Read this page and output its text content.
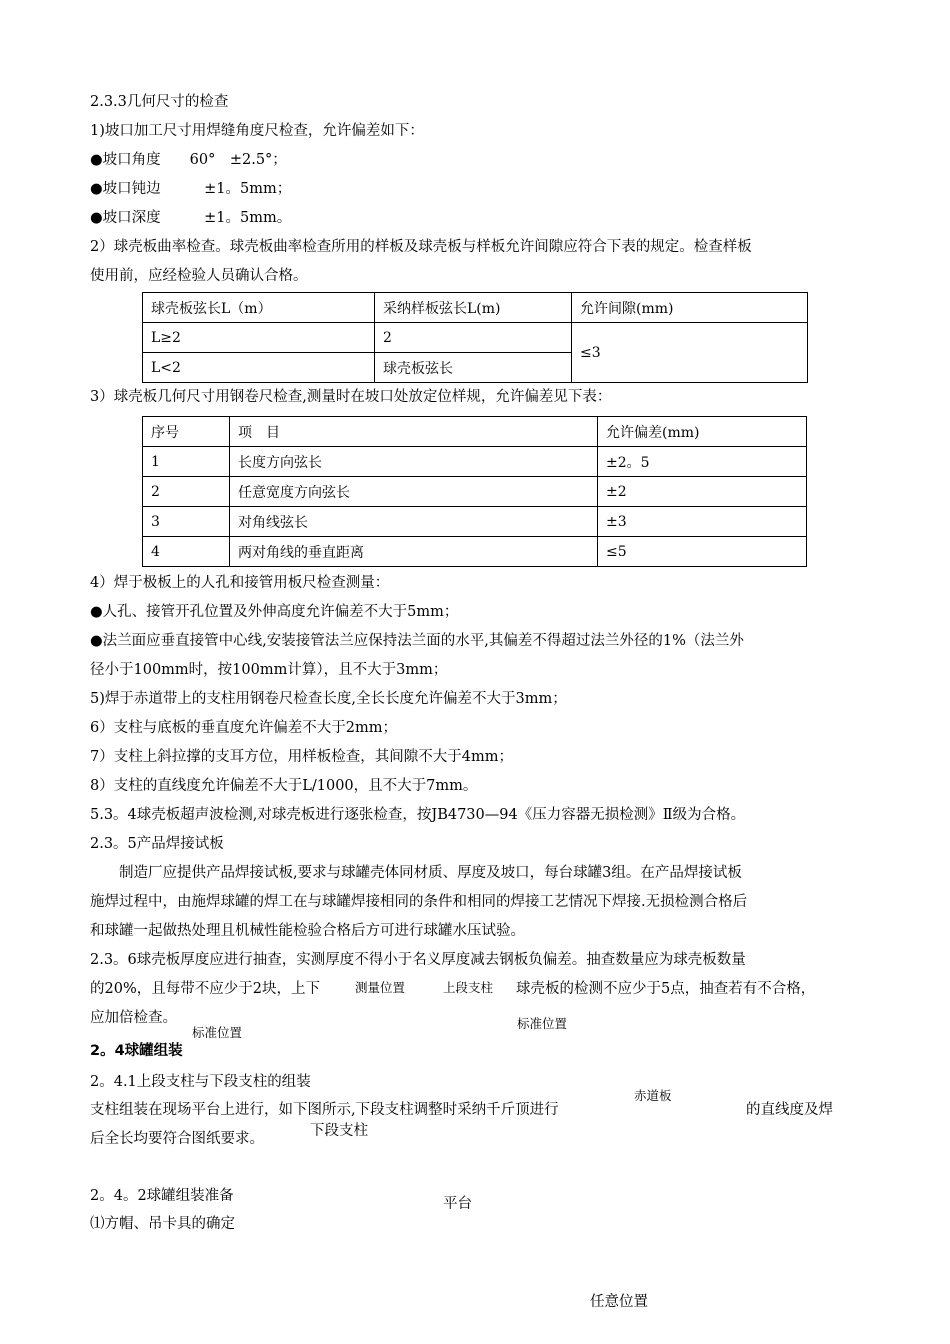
2.3.3几何尺寸的检查
1)坡口加工尺寸用焊缝角度尺检查，允许偏差如下：
●坡口角度　　60°　±2.5°；
●坡口钝边　　　±1。5mm；
●坡口深度　　　±1。5mm。
2）球壳板曲率检查。球壳板曲率检查所用的样板及球壳板与样板允许间隙应符合下表的规定。检查样板
使用前，应经检验人员确认合格。
球壳板弦长L（m）	采纳样板弦长L(m)	允许间隙(mm)
L≥2	2	≤3
L<2	球壳板弦长	
3）球壳板几何尺寸用钢卷尺检查,测量时在坡口处放定位样规，允许偏差见下表：
序号	项　目	允许偏差(mm)
1	长度方向弦长	±2。5
2	任意宽度方向弦长	±2
3	对角线弦长	±3
4	两对角线的垂直距离	≤5
4）焊于极板上的人孔和接管用板尺检查测量：
●人孔、接管开孔位置及外伸高度允许偏差不大于5mm；
●法兰面应垂直接管中心线,安装接管法兰应保持法兰面的水平,其偏差不得超过法兰外径的1%（法兰外
径小于100mm时，按100mm计算），且不大于3mm；
5)焊于赤道带上的支柱用钢卷尺检查长度,全长长度允许偏差不大于3mm；
6）支柱与底板的垂直度允许偏差不大于2mm；
7）支柱上斜拉撑的支耳方位，用样板检查，其间隙不大于4mm；
8）支柱的直线度允许偏差不大于L/1000，且不大于7mm。
5.3。4球壳板超声波检测,对球壳板进行逐张检查，按JB4730—94《压力容器无损检测》Ⅱ级为合格。
2.3。5产品焊接试板
　　制造厂应提供产品焊接试板,要求与球罐壳体同材质、厚度及坡口，每台球罐3组。在产品焊接试板
施焊过程中，由施焊球罐的焊工在与球罐焊接相同的条件和相同的焊接工艺情况下焊接.无损检测合格后
和球罐一起做热处理且机械性能检验合格后方可进行球罐水压试验。
2.3。6球壳板厚度应进行抽查，实测厚度不得小于名义厚度减去钢板负偏差。抽查数量应为球壳板数量
的20%，且每带不应少于2块，上下	球壳板的检测不应少于5点，抽查若有不合格，
应加倍检查。
2。4球罐组装
2。4.1上段支柱与下段支柱的组装
支柱组装在现场平台上进行，如下图所示,下段支柱调整时采纳千斤顶进行	的直线度及焊
后全长均要符合图纸要求。
2。4。2球罐组装准备
⑴方帽、吊卡具的确定
测量位置	上段支柱
标准位置
标准位置
赤道板
下段支柱
平台
任意位置
